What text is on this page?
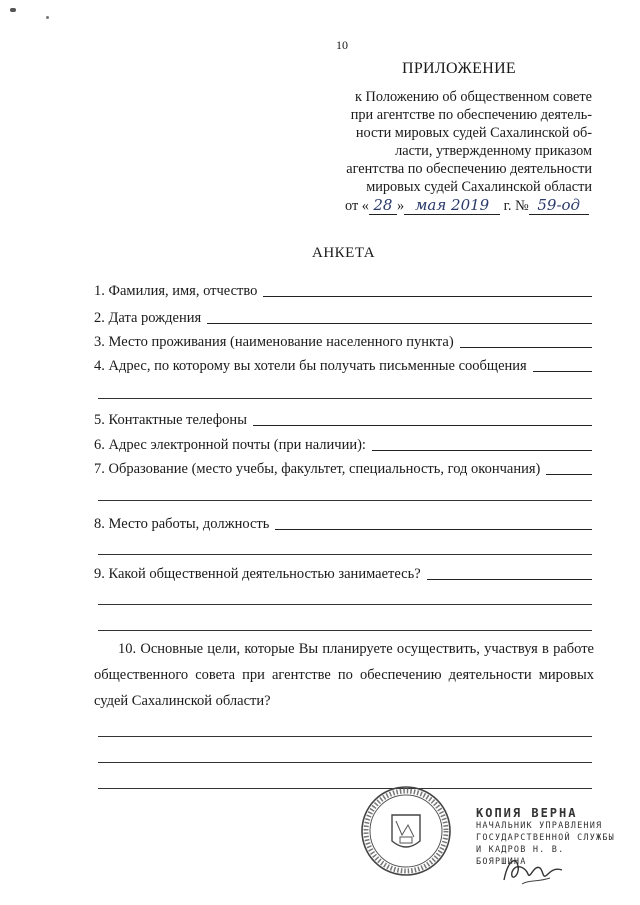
10
ПРИЛОЖЕНИЕ
к Положению об общественном совете
при агентстве по обеспечению деятель-
ности мировых судей Сахалинской об-
ласти, утвержденному приказом
агентства по обеспечению деятельности
мировых судей Сахалинской области
от « 28 » мая 2019 г. № 59-од
АНКЕТА
1. Фамилия, имя, отчество
2. Дата рождения
3. Место проживания (наименование населенного пункта)
4. Адрес, по которому вы хотели бы получать письменные сообщения
5. Контактные телефоны
6. Адрес электронной почты (при наличии):
7. Образование (место учебы, факультет, специальность, год окончания)
8. Место работы, должность
9. Какой общественной деятельностью занимаетесь?

10. Основные цели, которые Вы планируете осуществить, участвуя в работе общественного совета при агентстве по обеспечению деятельности мировых судей Сахалинской области?

КОПИЯ ВЕРНА
НАЧАЛЬНИК УПРАВЛЕНИЯ
ГОСУДАРСТВЕННОЙ СЛУЖБЫ
И КАДРОВ Н. В. БОЯРШИНА
